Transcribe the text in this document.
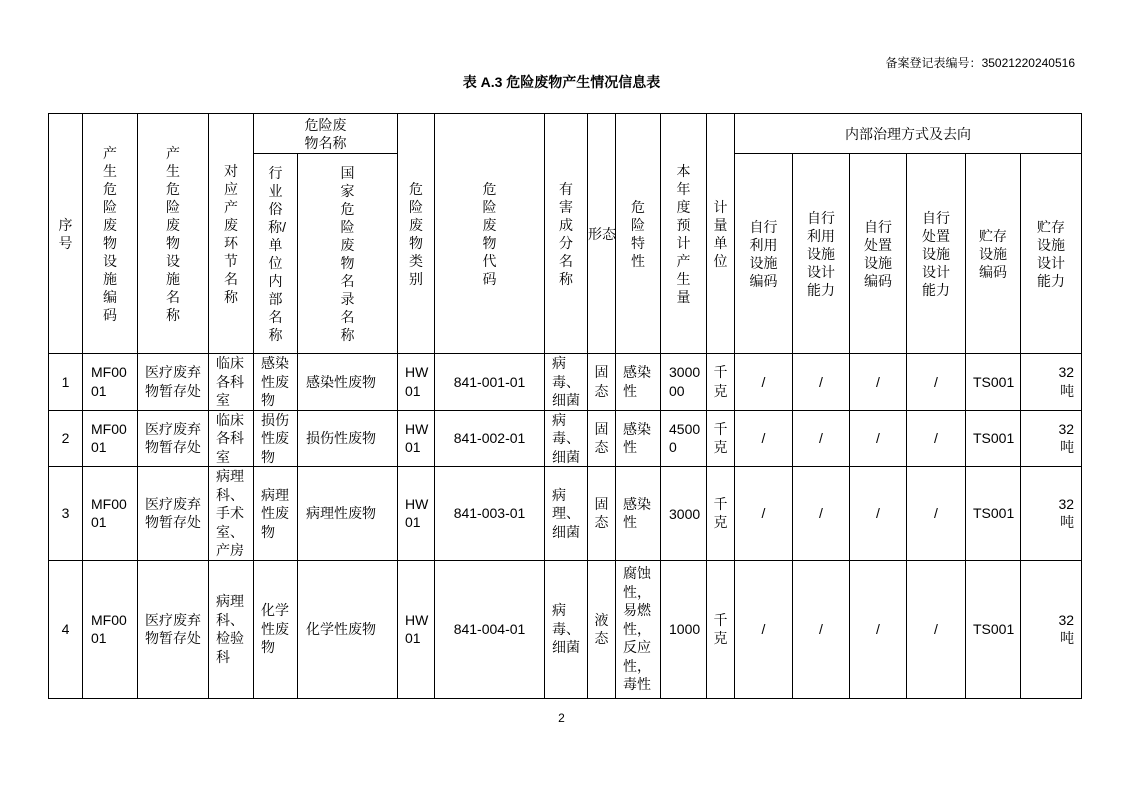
备案登记表编号：35021220240516
表 A.3 危险废物产生情况信息表
序号	产生危险废物设施编码	产生危险废物设施名称	对应产废环节名称	危险废物名称		危险废物类别	危险废物代码	有害成分名称	形态	危险特性	本年度预计产生量	计量单位	内部治理方式及去向					
				行业俗称/单位内部名称	国家危险废物名录名称								自行利用设施编码	自行利用设施设计能力	自行处置设施编码	自行处置设施设计能力	贮存设施编码	贮存设施设计能力
1	MF0001	医疗废弃物暂存处	临床各科室	感染性废物	感染性废物	HW01	841-001-01	病毒、细菌	固态	感染性	300000	千克	/	/	/	/	TS001	32吨
2	MF0001	医疗废弃物暂存处	临床各科室	损伤性废物	损伤性废物	HW01	841-002-01	病毒、细菌	固态	感染性	45000	千克	/	/	/	/	TS001	32吨
3	MF0001	医疗废弃物暂存处	病理科、手术室、产房	病理性废物	病理性废物	HW01	841-003-01	病理、细菌	固态	感染性	3000	千克	/	/	/	/	TS001	32吨
4	MF0001	医疗废弃物暂存处	病理科、检验科	化学性废物	化学性废物	HW01	841-004-01	病毒、细菌	液态	腐蚀性，易燃性，反应性，毒性	1000	千克	/	/	/	/	TS001	32吨
2
